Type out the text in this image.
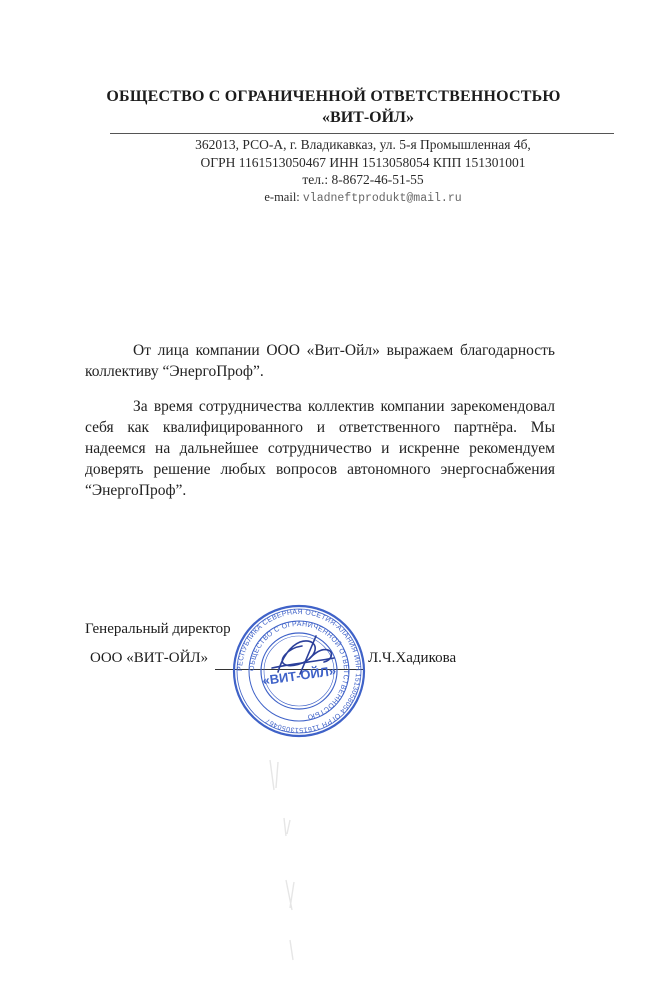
ОБЩЕСТВО С ОГРАНИЧЕННОЙ ОТВЕТСТВЕННОСТЬЮ
«ВИТ-ОЙЛ»
362013, РСО-А, г. Владикавказ, ул. 5-я Промышленная 4б,
ОГРН 1161513050467 ИНН 1513058054 КПП 151301001
тел.: 8-8672-46-51-55
e-mail: vladneftprodukt@mail.ru
От лица компании ООО «Вит-Ойл» выражаем благодарность коллективу “ЭнергоПроф”.
За время сотрудничества коллектив компании зарекомендовал себя как квалифицированного и ответственного партнёра. Мы надеемся на дальнейшее сотрудничество и искренне рекомендуем доверять решение любых вопросов автономного энергоснабжения “ЭнергоПроф”.
Генеральный директор
ООО «ВИТ-ОЙЛ»	Л.Ч.Хадикова
РЕСПУБЛИКА СЕВЕРНАЯ ОСЕТИЯ-АЛАНИЯ ИНН 1513058054 ОГРН 1161513050467
ОБЩЕСТВО С ОГРАНИЧЕННОЙ ОТВЕТСТВЕННОСТЬЮ
«ВИТ-ОЙЛ»
